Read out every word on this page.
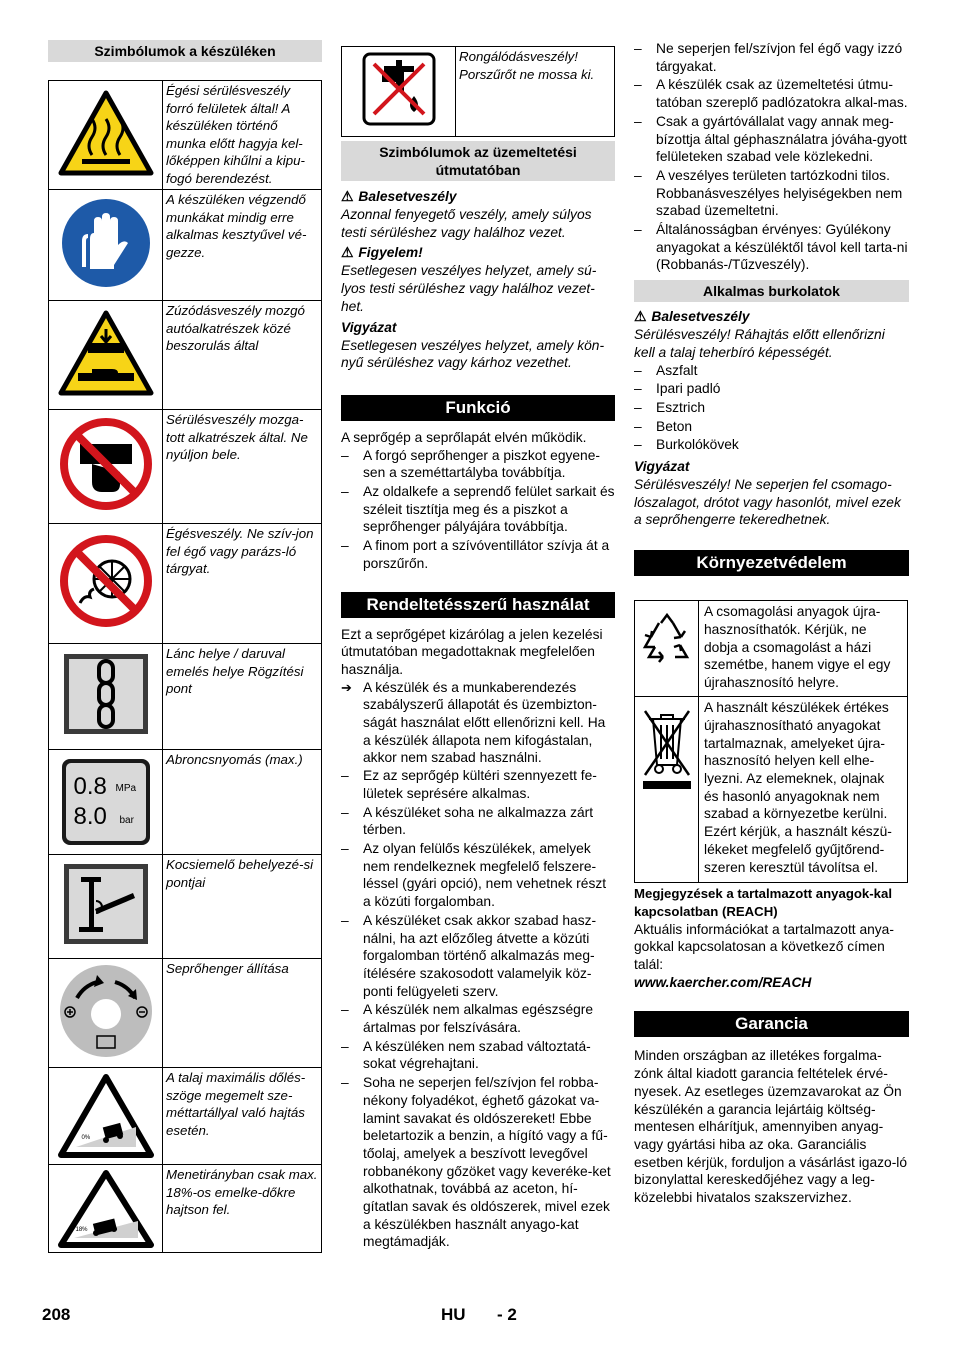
Szimbólumok a készüléken
	Égési sérülésveszély forró felületek által! A készüléken történő munka előtt hagyja kel-lőképpen kihűlni a kipu-fogó berendezést.
	A készüléken végzendő munkákat mindig erre alkalmas kesztyűvel vé-gezze.
	Zúzódásveszély mozgó autóalkatrészek közé beszorulás által
	Sérülésveszély mozga-tott alkatrészek által. Ne nyúljon bele.
	Égésveszély. Ne szív-jon fel égő vagy parázs-ló tárgyat.
	Lánc helye / daruval emelés helye Rögzítési pont

0.8 MPa
8.0 bar	Abroncsnyomás (max.)
	Kocsiemelő behelyezé-si pontjai
	Seprőhenger állítása

0%	A talaj maximális dőlés-szöge megemelt sze-méttartállyal való hajtás esetén.

18%	Menetirányban csak max. 18%-os emelke-dőkre hajtson fel.
	Rongálódásveszély! Porszűrőt ne mossa ki.
Szimbólumok az üzemeltetési útmutatóban

⚠ Balesetveszély

Azonnal fenyegető veszély, amely súlyos testi sérüléshez vagy halálhoz vezet.

⚠ Figyelem!

Esetlegesen veszélyes helyzet, amely sú-lyos testi sérüléshez vagy halálhoz vezet-het.

Vigyázat

Esetlegesen veszélyes helyzet, amely kön-nyű sérüléshez vagy kárhoz vezethet.

Funkció

A seprőgép a seprőlapát elvén működik.

– A forgó seprőhenger a piszkot egyene-sen a szeméttartályba továbbítja.
– Az oldalkefe a seprendő felület sarkait és széleit tisztítja meg és a piszkot a seprőhenger pályájára továbbítja.
– A finom port a szívóventillátor szívja át a porszűrőn.
Rendeltetésszerű használat

Ezt a seprőgépet kizárólag a jelen kezelési útmutatóban megadottaknak megfelelően használja.

➔ A készülék és a munkaberendezés szabályszerű állapotát és üzembizton-ságát használat előtt ellenőrizni kell. Ha a készülék állapota nem kifogástalan, akkor nem szabad használni.
– Ez az seprőgép kültéri szennyezett fe-lületek seprésére alkalmas.
– A készüléket soha ne alkalmazza zárt térben.
– Az olyan felülős készülékek, amelyek nem rendelkeznek megfelelő felszere-léssel (gyári opció), nem vehetnek részt a közúti forgalomban.
– A készüléket csak akkor szabad hasz-nálni, ha azt előzőleg átvette a közúti forgalomban történő alkalmazás meg-ítélésére szakosodott valamelyik köz-ponti felügyeleti szerv.
– A készülék nem alkalmas egészségre ártalmas por felszívására.
– A készüléken nem szabad változtatá-sokat végrehajtani.
– Soha ne seperjen fel/szívjon fel robba-nékony folyadékot, éghető gázokat va-lamint savakat és oldószereket! Ebbe beletartozik a benzin, a hígító vagy a fű-tőolaj, amelyek a beszívott levegővel robbanékony gőzöket vagy keveréke-ket alkothatnak, továbbá az aceton, hí-gítatlan savak és oldószerek, mivel ezek a készülékben használt anyago-kat megtámadják.
– Ne seperjen fel/szívjon fel égő vagy izzó tárgyakat.
– A készülék csak az üzemeltetési útmu-tatóban szereplő padlózatokra alkal-mas.
– Csak a gyártóvállalat vagy annak meg-bízottja által géphasználatra jóváha-gyott felületeken szabad vele közlekedni.
– A veszélyes területen tartózkodni tilos. Robbanásveszélyes helyiségekben nem szabad üzemeltetni.
– Általánosságban érvényes: Gyúlékony anyagokat a készüléktől távol kell tarta-ni (Robbanás-/Tűzveszély).
Alkalmas burkolatok

⚠ Balesetveszély

Sérülésveszély! Ráhajtás előtt ellenőrizni kell a talaj teherbíró képességét.

– Aszfalt
– Ipari padló
– Esztrich
– Beton
– Burkolókövek

Vigyázat

Sérülésveszély! Ne seperjen fel csomago-lószalagot, drótot vagy hasonlót, mivel ezek a seprőhengerre tekeredhetnek.

Környezetvédelem
	A csomagolási anyagok újra-hasznosíthatók. Kérjük, ne dobja a csomagolást a házi szemétbe, hanem vigye el egy újrahasznosító helyre.
	A használt készülékek értékes újrahasznosítható anyagokat tartalmaznak, amelyeket újra-hasznosító helyen kell elhe-lyezni. Az elemeknek, olajnak és hasonló anyagoknak nem szabad a környezetbe kerülni. Ezért kérjük, a használt készü-lékeket megfelelő gyűjtőrend-szeren keresztül távolítsa el.

Megjegyzések a tartalmazott anyagok-kal kapcsolatban (REACH)

Aktuális információkat a tartalmazott anya-gokkal kapcsolatosan a következő címen talál:

www.kaercher.com/REACH

Garancia

Minden országban az illetékes forgalma-zónk által kiadott garancia feltételek érvé-nyesek. Az esetleges üzemzavarokat az Ön készülékén a garancia lejártáig költség-mentesen elhárítjuk, amennyiben anyag-vagy gyártási hiba az oka. Garanciális esetben kérjük, forduljon a vásárlást igazo-ló bizonylattal kereskedőjéhez vagy a leg-közelebbi hivatalos szakszervizhez.

208	HU - 2
